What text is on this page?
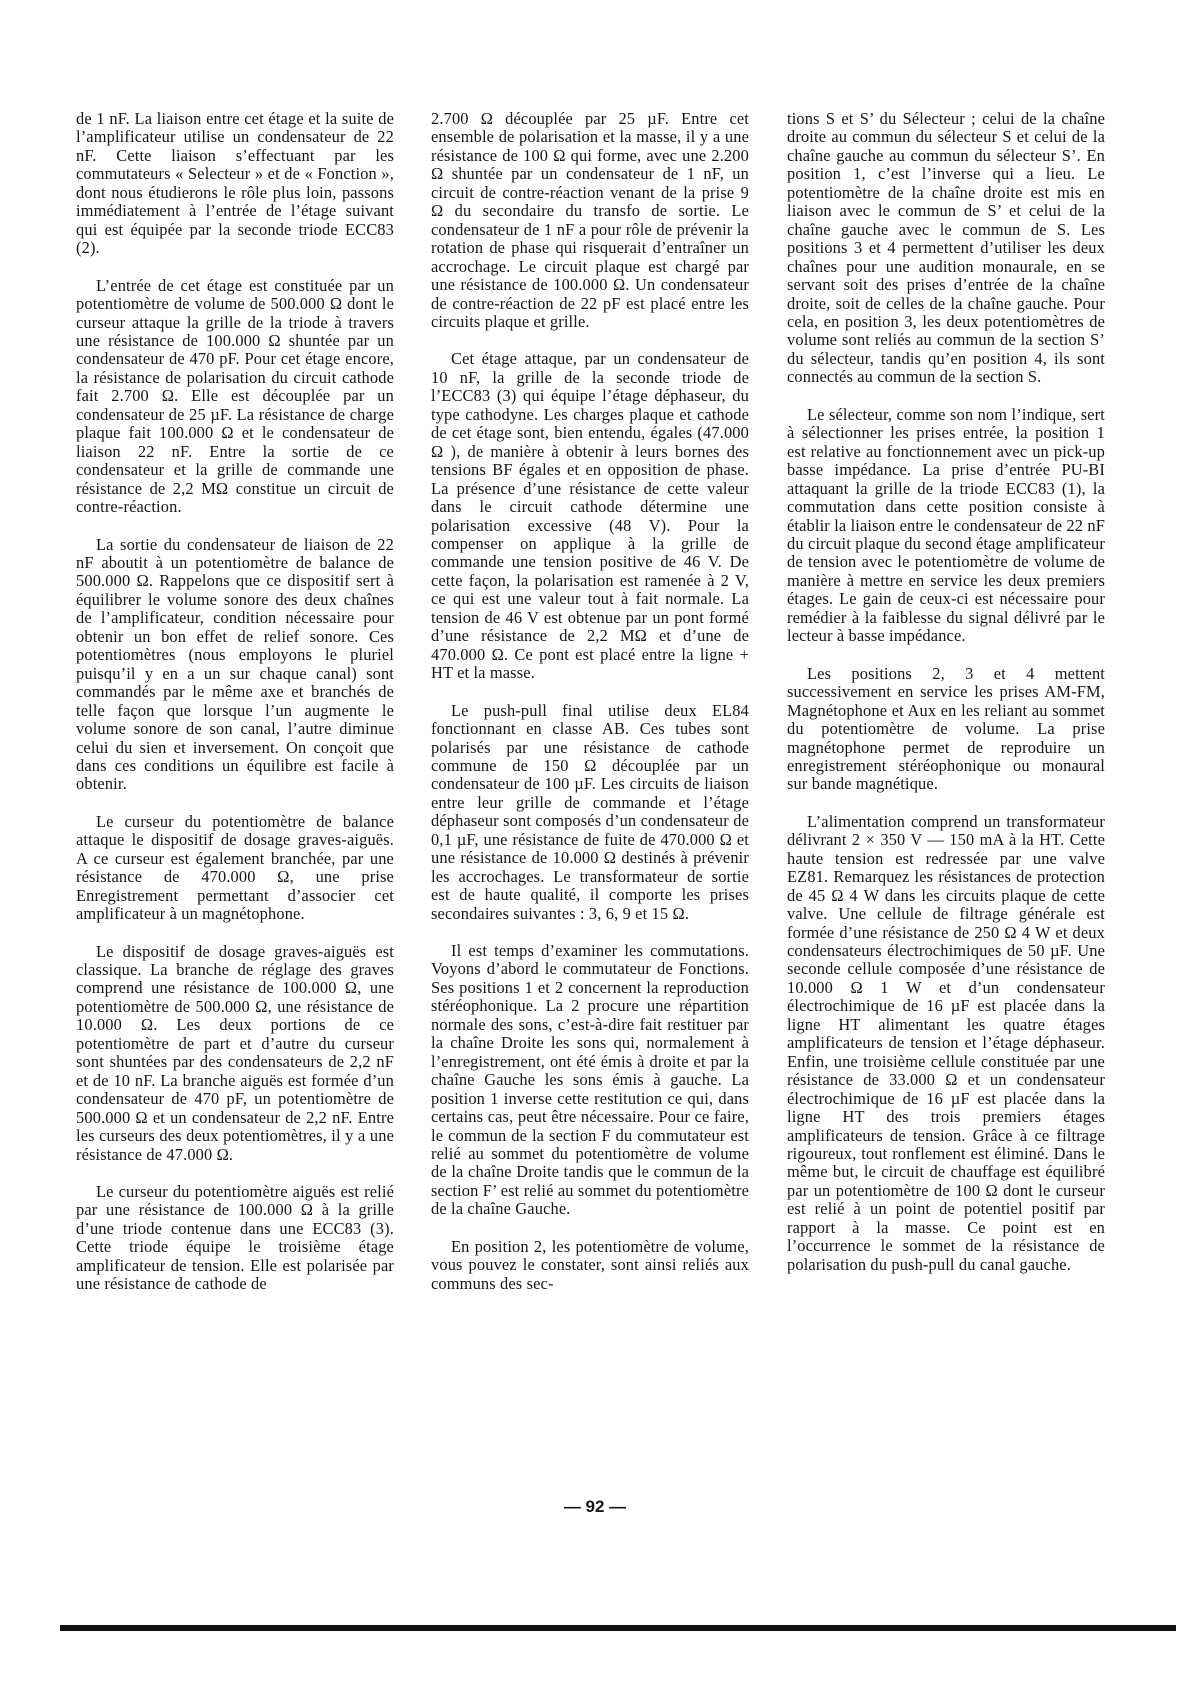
de 1 nF. La liaison entre cet étage et la suite de l’amplificateur utilise un condensateur de 22 nF. Cette liaison s’effectuant par les commutateurs « Selecteur » et de « Fonction », dont nous étudierons le rôle plus loin, passons immédiatement à l’entrée de l’étage suivant qui est équipée par la seconde triode ECC83 (2).

L’entrée de cet étage est constituée par un potentiomètre de volume de 500.000 Ω dont le curseur attaque la grille de la triode à travers une résistance de 100.000 Ω shuntée par un condensateur de 470 pF. Pour cet étage encore, la résistance de polarisation du circuit cathode fait 2.700 Ω. Elle est découplée par un condensateur de 25 µF. La résistance de charge plaque fait 100.000 Ω et le condensateur de liaison 22 nF. Entre la sortie de ce condensateur et la grille de commande une résistance de 2,2 MΩ constitue un circuit de contre-réaction.

La sortie du condensateur de liaison de 22 nF aboutit à un potentiomètre de balance de 500.000 Ω. Rappelons que ce dispositif sert à équilibrer le volume sonore des deux chaînes de l’amplificateur, condition nécessaire pour obtenir un bon effet de relief sonore. Ces potentiomètres (nous employons le pluriel puisqu’il y en a un sur chaque canal) sont commandés par le même axe et branchés de telle façon que lorsque l’un augmente le volume sonore de son canal, l’autre diminue celui du sien et inversement. On conçoit que dans ces conditions un équilibre est facile à obtenir.

Le curseur du potentiomètre de balance attaque le dispositif de dosage graves-aiguës. A ce curseur est également branchée, par une résistance de 470.000 Ω, une prise Enregistrement permettant d’associer cet amplificateur à un magnétophone.

Le dispositif de dosage graves-aiguës est classique. La branche de réglage des graves comprend une résistance de 100.000 Ω, une potentiomètre de 500.000 Ω, une résistance de 10.000 Ω. Les deux portions de ce potentiomètre de part et d’autre du curseur sont shuntées par des condensateurs de 2,2 nF et de 10 nF. La branche aiguës est formée d’un condensateur de 470 pF, un potentiomètre de 500.000 Ω et un condensateur de 2,2 nF. Entre les curseurs des deux potentiomètres, il y a une résistance de 47.000 Ω.

Le curseur du potentiomètre aiguës est relié par une résistance de 100.000 Ω à la grille d’une triode contenue dans une ECC83 (3). Cette triode équipe le troisième étage amplificateur de tension. Elle est polarisée par une résistance de cathode de

2.700 Ω découplée par 25 µF. Entre cet ensemble de polarisation et la masse, il y a une résistance de 100 Ω qui forme, avec une 2.200 Ω shuntée par un condensateur de 1 nF, un circuit de contre-réaction venant de la prise 9 Ω du secondaire du transfo de sortie. Le condensateur de 1 nF a pour rôle de prévenir la rotation de phase qui risquerait d’entraîner un accrochage. Le circuit plaque est chargé par une résistance de 100.000 Ω. Un condensateur de contre-réaction de 22 pF est placé entre les circuits plaque et grille.

Cet étage attaque, par un condensateur de 10 nF, la grille de la seconde triode de l’ECC83 (3) qui équipe l’étage déphaseur, du type cathodyne. Les charges plaque et cathode de cet étage sont, bien entendu, égales (47.000 Ω ), de manière à obtenir à leurs bornes des tensions BF égales et en opposition de phase. La présence d’une résistance de cette valeur dans le circuit cathode détermine une polarisation excessive (48 V). Pour la compenser on applique à la grille de commande une tension positive de 46 V. De cette façon, la polarisation est ramenée à 2 V, ce qui est une valeur tout à fait normale. La tension de 46 V est obtenue par un pont formé d’une résistance de 2,2 MΩ et d’une de 470.000 Ω. Ce pont est placé entre la ligne + HT et la masse.

Le push-pull final utilise deux EL84 fonctionnant en classe AB. Ces tubes sont polarisés par une résistance de cathode commune de 150 Ω découplée par un condensateur de 100 µF. Les circuits de liaison entre leur grille de commande et l’étage déphaseur sont composés d’un condensateur de 0,1 µF, une résistance de fuite de 470.000 Ω et une résistance de 10.000 Ω destinés à prévenir les accrochages. Le transformateur de sortie est de haute qualité, il comporte les prises secondaires suivantes : 3, 6, 9 et 15 Ω.

Il est temps d’examiner les commutations. Voyons d’abord le commutateur de Fonctions. Ses positions 1 et 2 concernent la reproduction stéréophonique. La 2 procure une répartition normale des sons, c’est-à-dire fait restituer par la chaîne Droite les sons qui, normalement à l’enregistrement, ont été émis à droite et par la chaîne Gauche les sons émis à gauche. La position 1 inverse cette restitution ce qui, dans certains cas, peut être nécessaire. Pour ce faire, le commun de la section F du commutateur est relié au sommet du potentiomètre de volume de la chaîne Droite tandis que le commun de la section F’ est relié au sommet du potentiomètre de la chaîne Gauche.

En position 2, les potentiomètre de volume, vous pouvez le constater, sont ainsi reliés aux communs des sec-

tions S et S’ du Sélecteur ; celui de la chaîne droite au commun du sélecteur S et celui de la chaîne gauche au commun du sélecteur S’. En position 1, c’est l’inverse qui a lieu. Le potentiomètre de la chaîne droite est mis en liaison avec le commun de S’ et celui de la chaîne gauche avec le commun de S. Les positions 3 et 4 permettent d’utiliser les deux chaînes pour une audition monaurale, en se servant soit des prises d’entrée de la chaîne droite, soit de celles de la chaîne gauche. Pour cela, en position 3, les deux potentiomètres de volume sont reliés au commun de la section S’ du sélecteur, tandis qu’en position 4, ils sont connectés au commun de la section S.

Le sélecteur, comme son nom l’indique, sert à sélectionner les prises entrée, la position 1 est relative au fonctionnement avec un pick-up basse impédance. La prise d’entrée PU-BI attaquant la grille de la triode ECC83 (1), la commutation dans cette position consiste à établir la liaison entre le condensateur de 22 nF du circuit plaque du second étage amplificateur de tension avec le potentiomètre de volume de manière à mettre en service les deux premiers étages. Le gain de ceux-ci est nécessaire pour remédier à la faiblesse du signal délivré par le lecteur à basse impédance.

Les positions 2, 3 et 4 mettent successivement en service les prises AM-FM, Magnétophone et Aux en les reliant au sommet du potentiomètre de volume. La prise magnétophone permet de reproduire un enregistrement stéréophonique ou monaural sur bande magnétique.

L’alimentation comprend un transformateur délivrant 2 × 350 V — 150 mA à la HT. Cette haute tension est redressée par une valve EZ81. Remarquez les résistances de protection de 45 Ω 4 W dans les circuits plaque de cette valve. Une cellule de filtrage générale est formée d’une résistance de 250 Ω 4 W et deux condensateurs électrochimiques de 50 µF. Une seconde cellule composée d’une résistance de 10.000 Ω 1 W et d’un condensateur électrochimique de 16 µF est placée dans la ligne HT alimentant les quatre étages amplificateurs de tension et l’étage déphaseur. Enfin, une troisième cellule constituée par une résistance de 33.000 Ω et un condensateur électrochimique de 16 µF est placée dans la ligne HT des trois premiers étages amplificateurs de tension. Grâce à ce filtrage rigoureux, tout ronflement est éliminé. Dans le même but, le circuit de chauffage est équilibré par un potentiomètre de 100 Ω dont le curseur est relié à un point de potentiel positif par rapport à la masse. Ce point est en l’occurrence le sommet de la résistance de polarisation du push-pull du canal gauche.

— 92 —
